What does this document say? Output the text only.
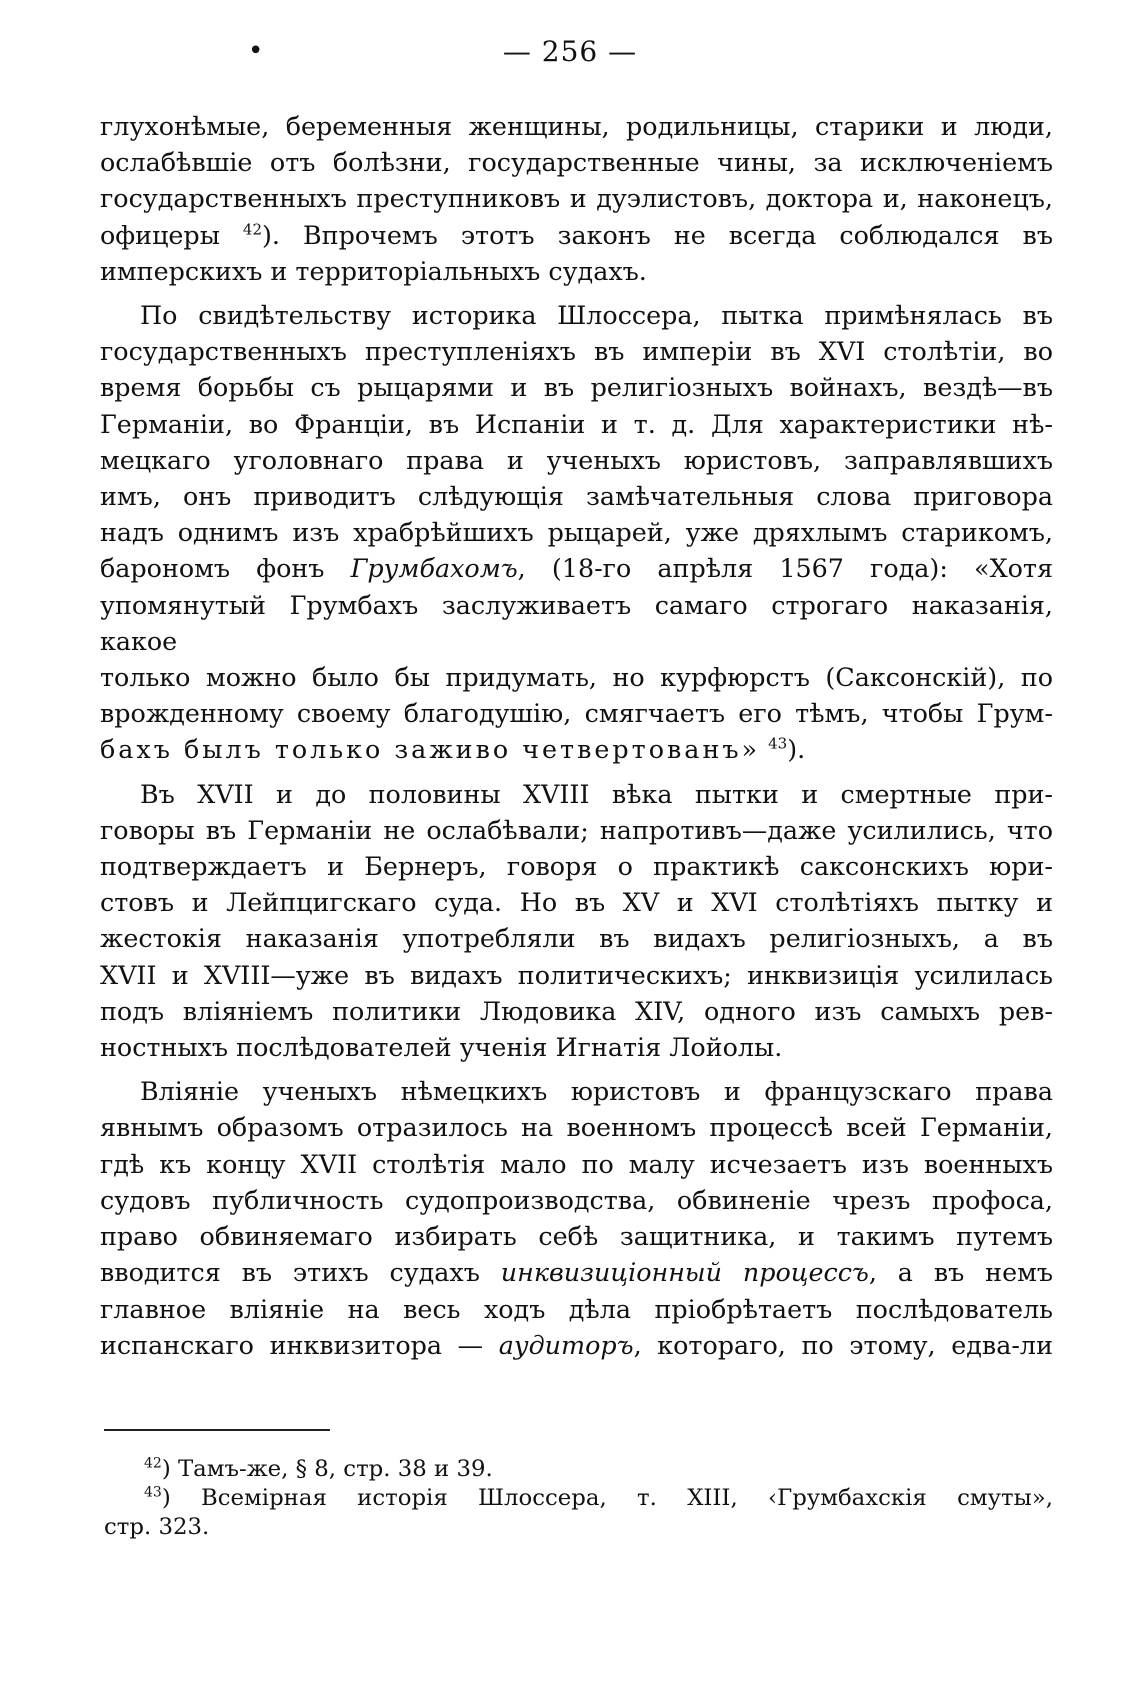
•	— 256 —
глухонѣмые, беременныя женщины, родильницы, старики и люди,
ослабѣвшіе отъ болѣзни, государственные чины, за исключеніемъ
государственныхъ преступниковъ и дуэлистовъ, доктора и, наконецъ,
офицеры $^{42}$). Впрочемъ этотъ законъ не всегда соблюдался въ
имперскихъ и территоріальныхъ судахъ.
По свидѣтельству историка Шлоссера, пытка примѣнялась въ
государственныхъ преступленіяхъ въ имперіи въ XVI столѣтіи, во
время борьбы съ рыцарями и въ религіозныхъ войнахъ, вездѣ—въ
Германіи, во Франціи, въ Испаніи и т. д. Для характеристики нѣ-
мецкаго уголовнаго права и ученыхъ юристовъ, заправлявшихъ
имъ, онъ приводитъ слѣдующія замѣчательныя слова приговора
надъ однимъ изъ храбрѣйшихъ рыцарей, уже дряхлымъ старикомъ,
барономъ фонъ Грумбахомъ, (18-го апрѣля 1567 года): «Хотя
упомянутый Грумбахъ заслуживаетъ самаго строгаго наказанія, какое
только можно было бы придумать, но курфюрстъ (Саксонскій), по
врожденному своему благодушію, смягчаетъ его тѣмъ, чтобы Грум-
бахъ былъ только заживо четвертованъ» $^{43}$).
Въ XVII и до половины XVIII вѣка пытки и смертные при-
говоры въ Германіи не ослабѣвали; напротивъ—даже усилились, что
подтверждаетъ и Бернеръ, говоря о практикѣ саксонскихъ юри-
стовъ и Лейпцигскаго суда. Но въ XV и XVI столѣтіяхъ пытку и
жестокія наказанія употребляли въ видахъ религіозныхъ, а въ
XVII и XVIII—уже въ видахъ политическихъ; инквизиція усилилась
подъ вліяніемъ политики Людовика XIV, одного изъ самыхъ рев-
ностныхъ послѣдователей ученія Игнатія Лойолы.
Вліяніе ученыхъ нѣмецкихъ юристовъ и французскаго права
явнымъ образомъ отразилось на военномъ процессѣ всей Германіи,
гдѣ къ концу XVII столѣтія мало по малу исчезаетъ изъ военныхъ
судовъ публичность судопроизводства, обвиненіе чрезъ профоса,
право обвиняемаго избирать себѣ защитника, и такимъ путемъ
вводится въ этихъ судахъ инквизиціонный процессъ, а въ немъ
главное вліяніе на весь ходъ дѣла пріобрѣтаетъ послѣдователь
испанскаго инквизитора — аудиторъ, котораго, по этому, едва-ли
$^{42}$) Тамъ-же, § 8, стр. 38 и 39.
$^{43}$) Всемірная исторія Шлоссера, т. XIII, ‹Грумбахскія смуты»,
стр. 323.
